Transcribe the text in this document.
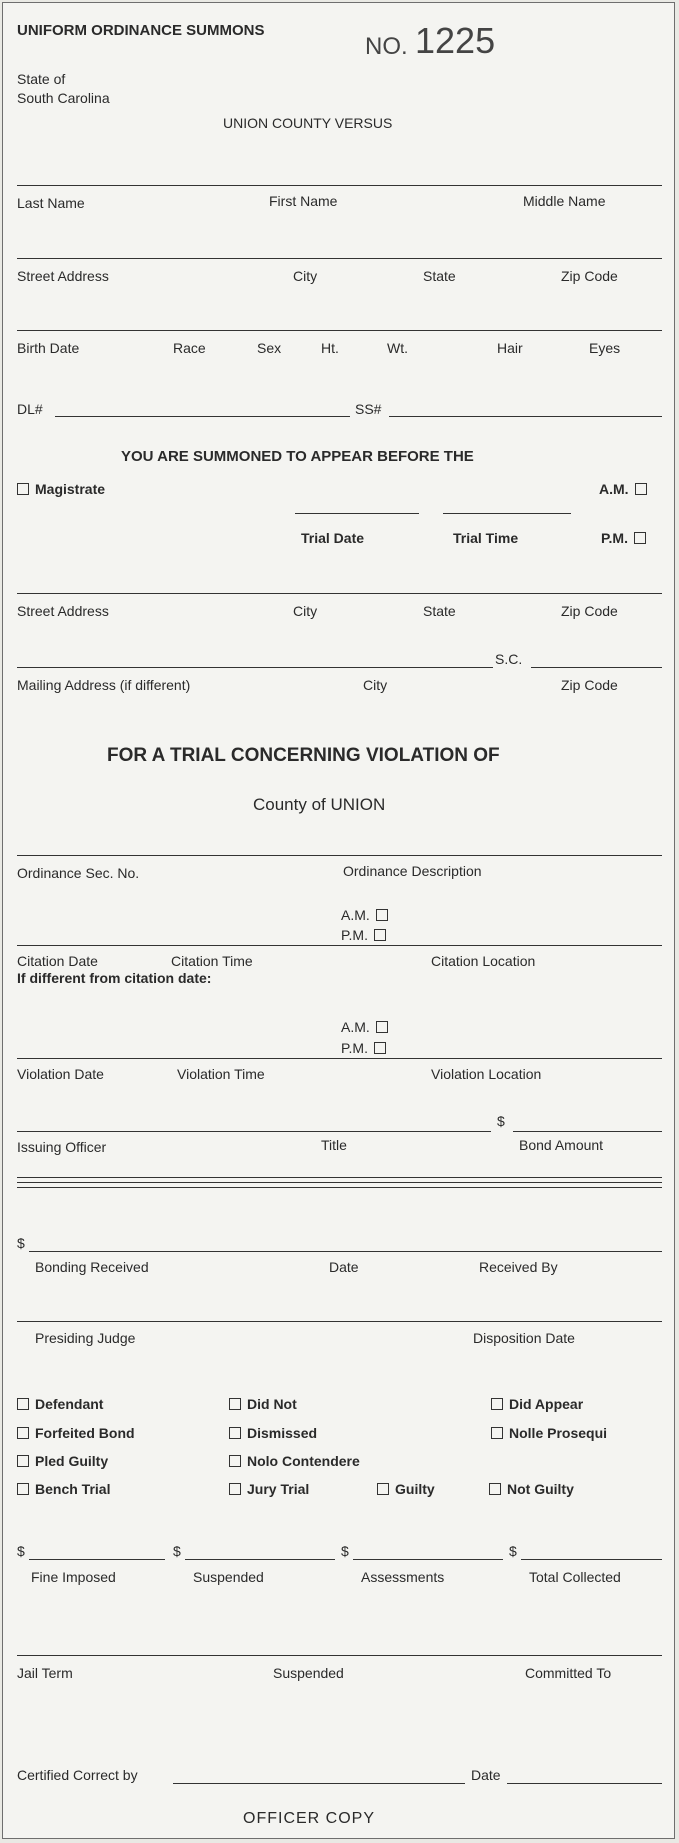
UNIFORM ORDINANCE SUMMONS
NO. 1225
State of
South Carolina
UNION COUNTY VERSUS
Last Name	First Name	Middle Name
Street Address	City	State	Zip Code
Birth Date	Race	Sex	Ht.	Wt.	Hair	Eyes
DL#	SS#
YOU ARE SUMMONED TO APPEAR BEFORE THE
Magistrate	A.M.
Trial Date	Trial Time	P.M.
Street Address	City	State	Zip Code
S.C.
Mailing Address (if different)	City	Zip Code
FOR A TRIAL CONCERNING VIOLATION OF
County of UNION
Ordinance Sec. No.	Ordinance Description
A.M.
P.M.
Citation Date	Citation Time	Citation Location
If different from citation date:
A.M.
P.M.
Violation Date	Violation Time	Violation Location
$
Issuing Officer	Title	Bond Amount
$
Bonding Received	Date	Received By
Presiding Judge	Disposition Date
Defendant	Did Not	Did Appear
Forfeited Bond	Dismissed	Nolle Prosequi
Pled Guilty	Nolo Contendere
Bench Trial	Jury Trial	Guilty	Not Guilty
$	$	$	$
Fine Imposed	Suspended	Assessments	Total Collected
Jail Term	Suspended	Committed To
Certified Correct by	Date
OFFICER COPY
